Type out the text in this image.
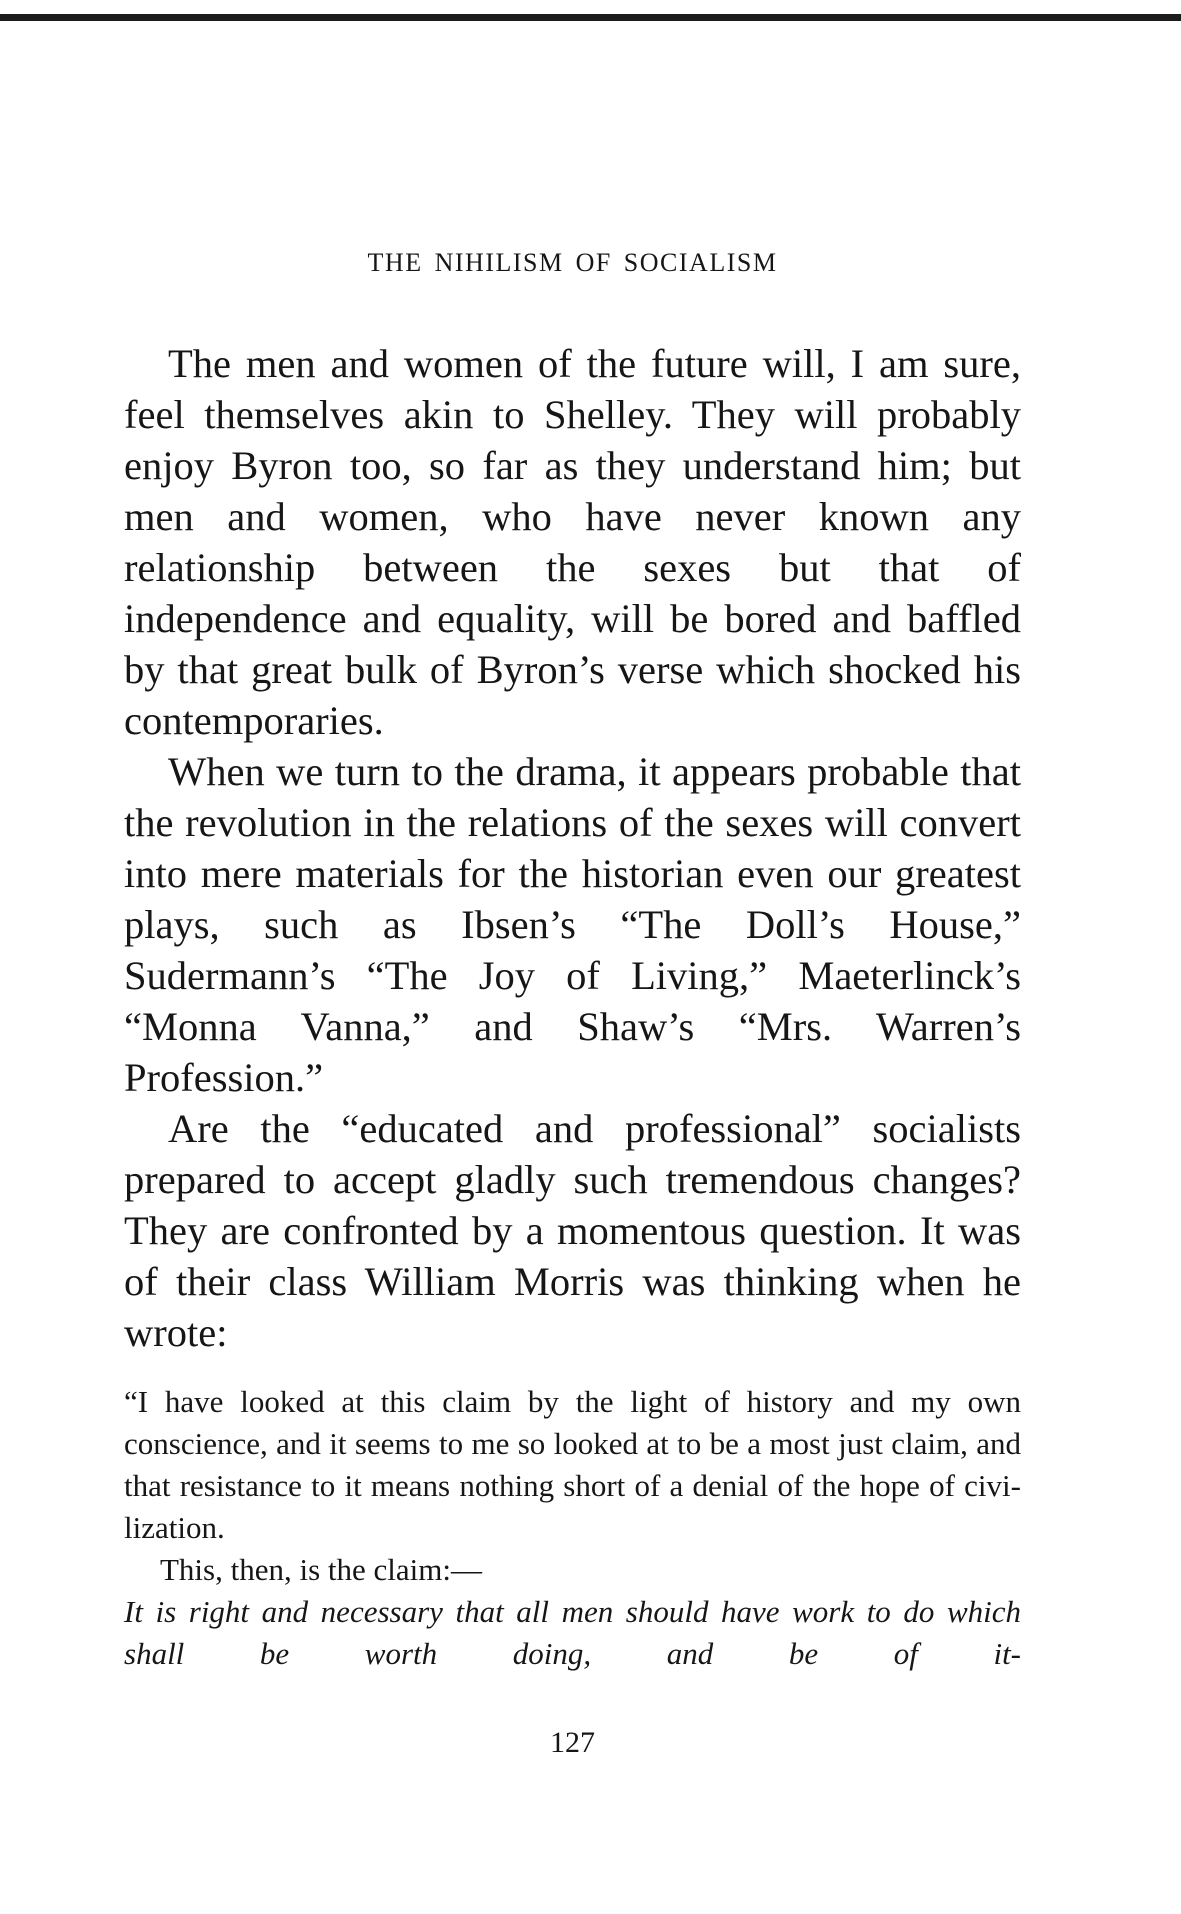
THE NIHILISM OF SOCIALISM

The men and women of the future will, I am sure, feel themselves akin to Shelley. They will probably enjoy Byron too, so far as they understand him; but men and women, who have never known any relationship between the sexes but that of independence and equality, will be bored and baffled by that great bulk of Byron’s verse which shocked his contemporaries.

When we turn to the drama, it appears probable that the revolution in the relations of the sexes will convert into mere materials for the historian even our greatest plays, such as Ibsen’s “The Doll’s House,” Sudermann’s “The Joy of Living,” Maeterlinck’s “Monna Vanna,” and Shaw’s “Mrs. Warren’s Profession.”

Are the “educated and professional” socialists prepared to accept gladly such tremendous changes? They are confronted by a momentous question. It was of their class William Morris was thinking when he wrote:

“I have looked at this claim by the light of history and my own conscience, and it seems to me so looked at to be a most just claim, and that resistance to it means nothing short of a denial of the hope of civilization.

This, then, is the claim:—

It is right and necessary that all men should have work to do which shall be worth doing, and be of it-

127
